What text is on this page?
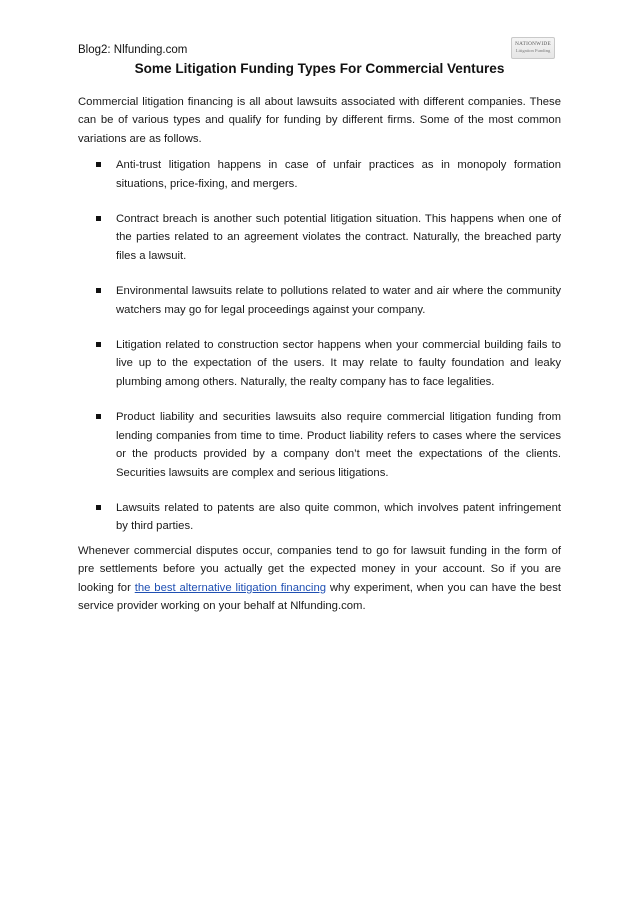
Blog2: Nlfunding.com	NATIONWIDE
Litigation Funding
Some Litigation Funding Types For Commercial Ventures

Commercial litigation financing is all about lawsuits associated with different companies. These can be of various types and qualify for funding by different firms. Some of the most common variations are as follows.

Anti-trust litigation happens in case of unfair practices as in monopoly formation situations, price-fixing, and mergers.
Contract breach is another such potential litigation situation. This happens when one of the parties related to an agreement violates the contract. Naturally, the breached party files a lawsuit.
Environmental lawsuits relate to pollutions related to water and air where the community watchers may go for legal proceedings against your company.
Litigation related to construction sector happens when your commercial building fails to live up to the expectation of the users. It may relate to faulty foundation and leaky plumbing among others. Naturally, the realty company has to face legalities.
Product liability and securities lawsuits also require commercial litigation funding from lending companies from time to time. Product liability refers to cases where the services or the products provided by a company don’t meet the expectations of the clients. Securities lawsuits are complex and serious litigations.
Lawsuits related to patents are also quite common, which involves patent infringement by third parties.

Whenever commercial disputes occur, companies tend to go for lawsuit funding in the form of pre settlements before you actually get the expected money in your account. So if you are looking for the best alternative litigation financing why experiment, when you can have the best service provider working on your behalf at Nlfunding.com.
